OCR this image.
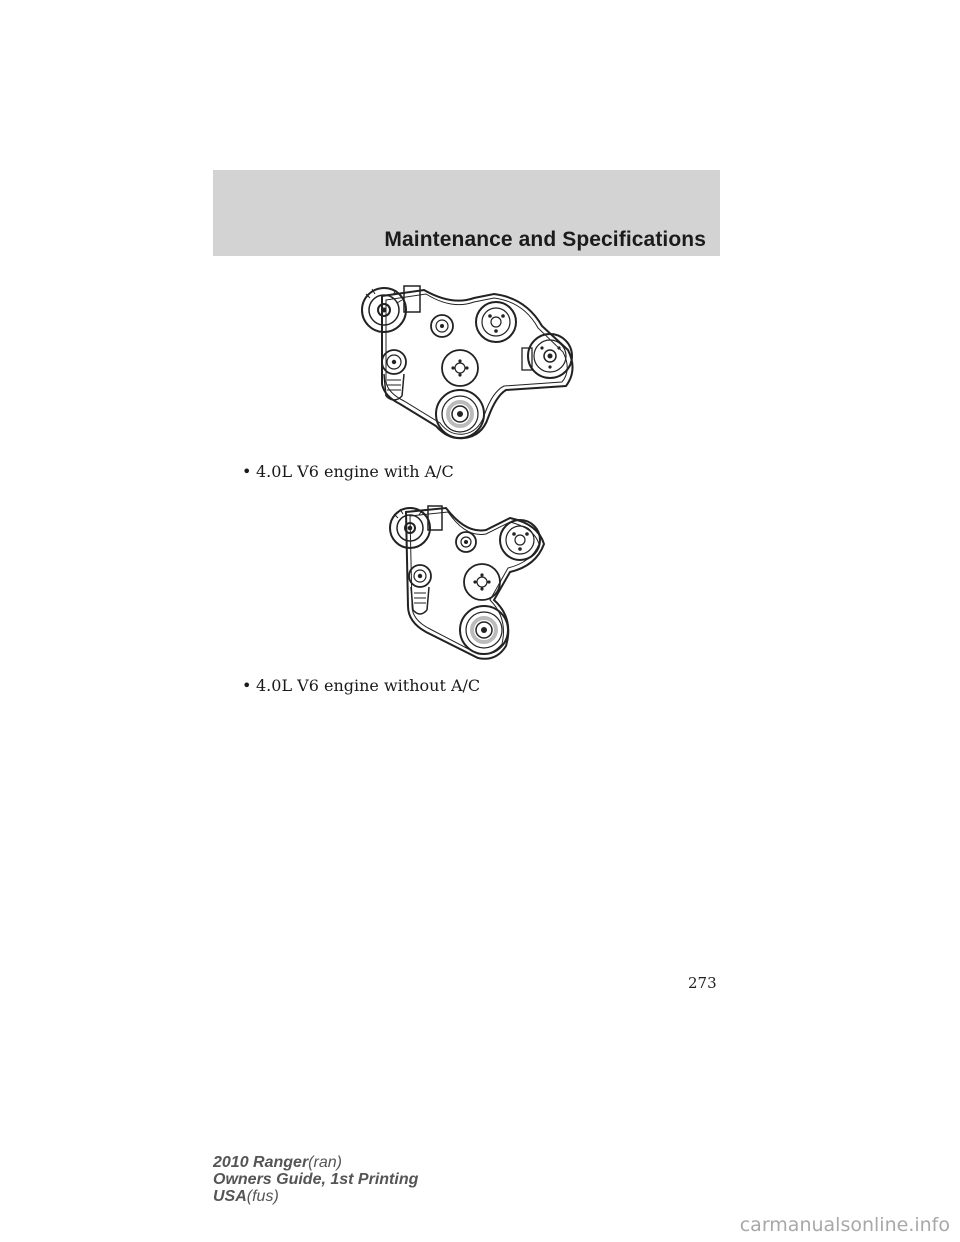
Maintenance and Specifications
• 4.0L V6 engine with A/C
• 4.0L V6 engine without A/C
273
2010 Ranger(ran)
Owners Guide, 1st Printing
USA(fus)
carmanualsonline.info
